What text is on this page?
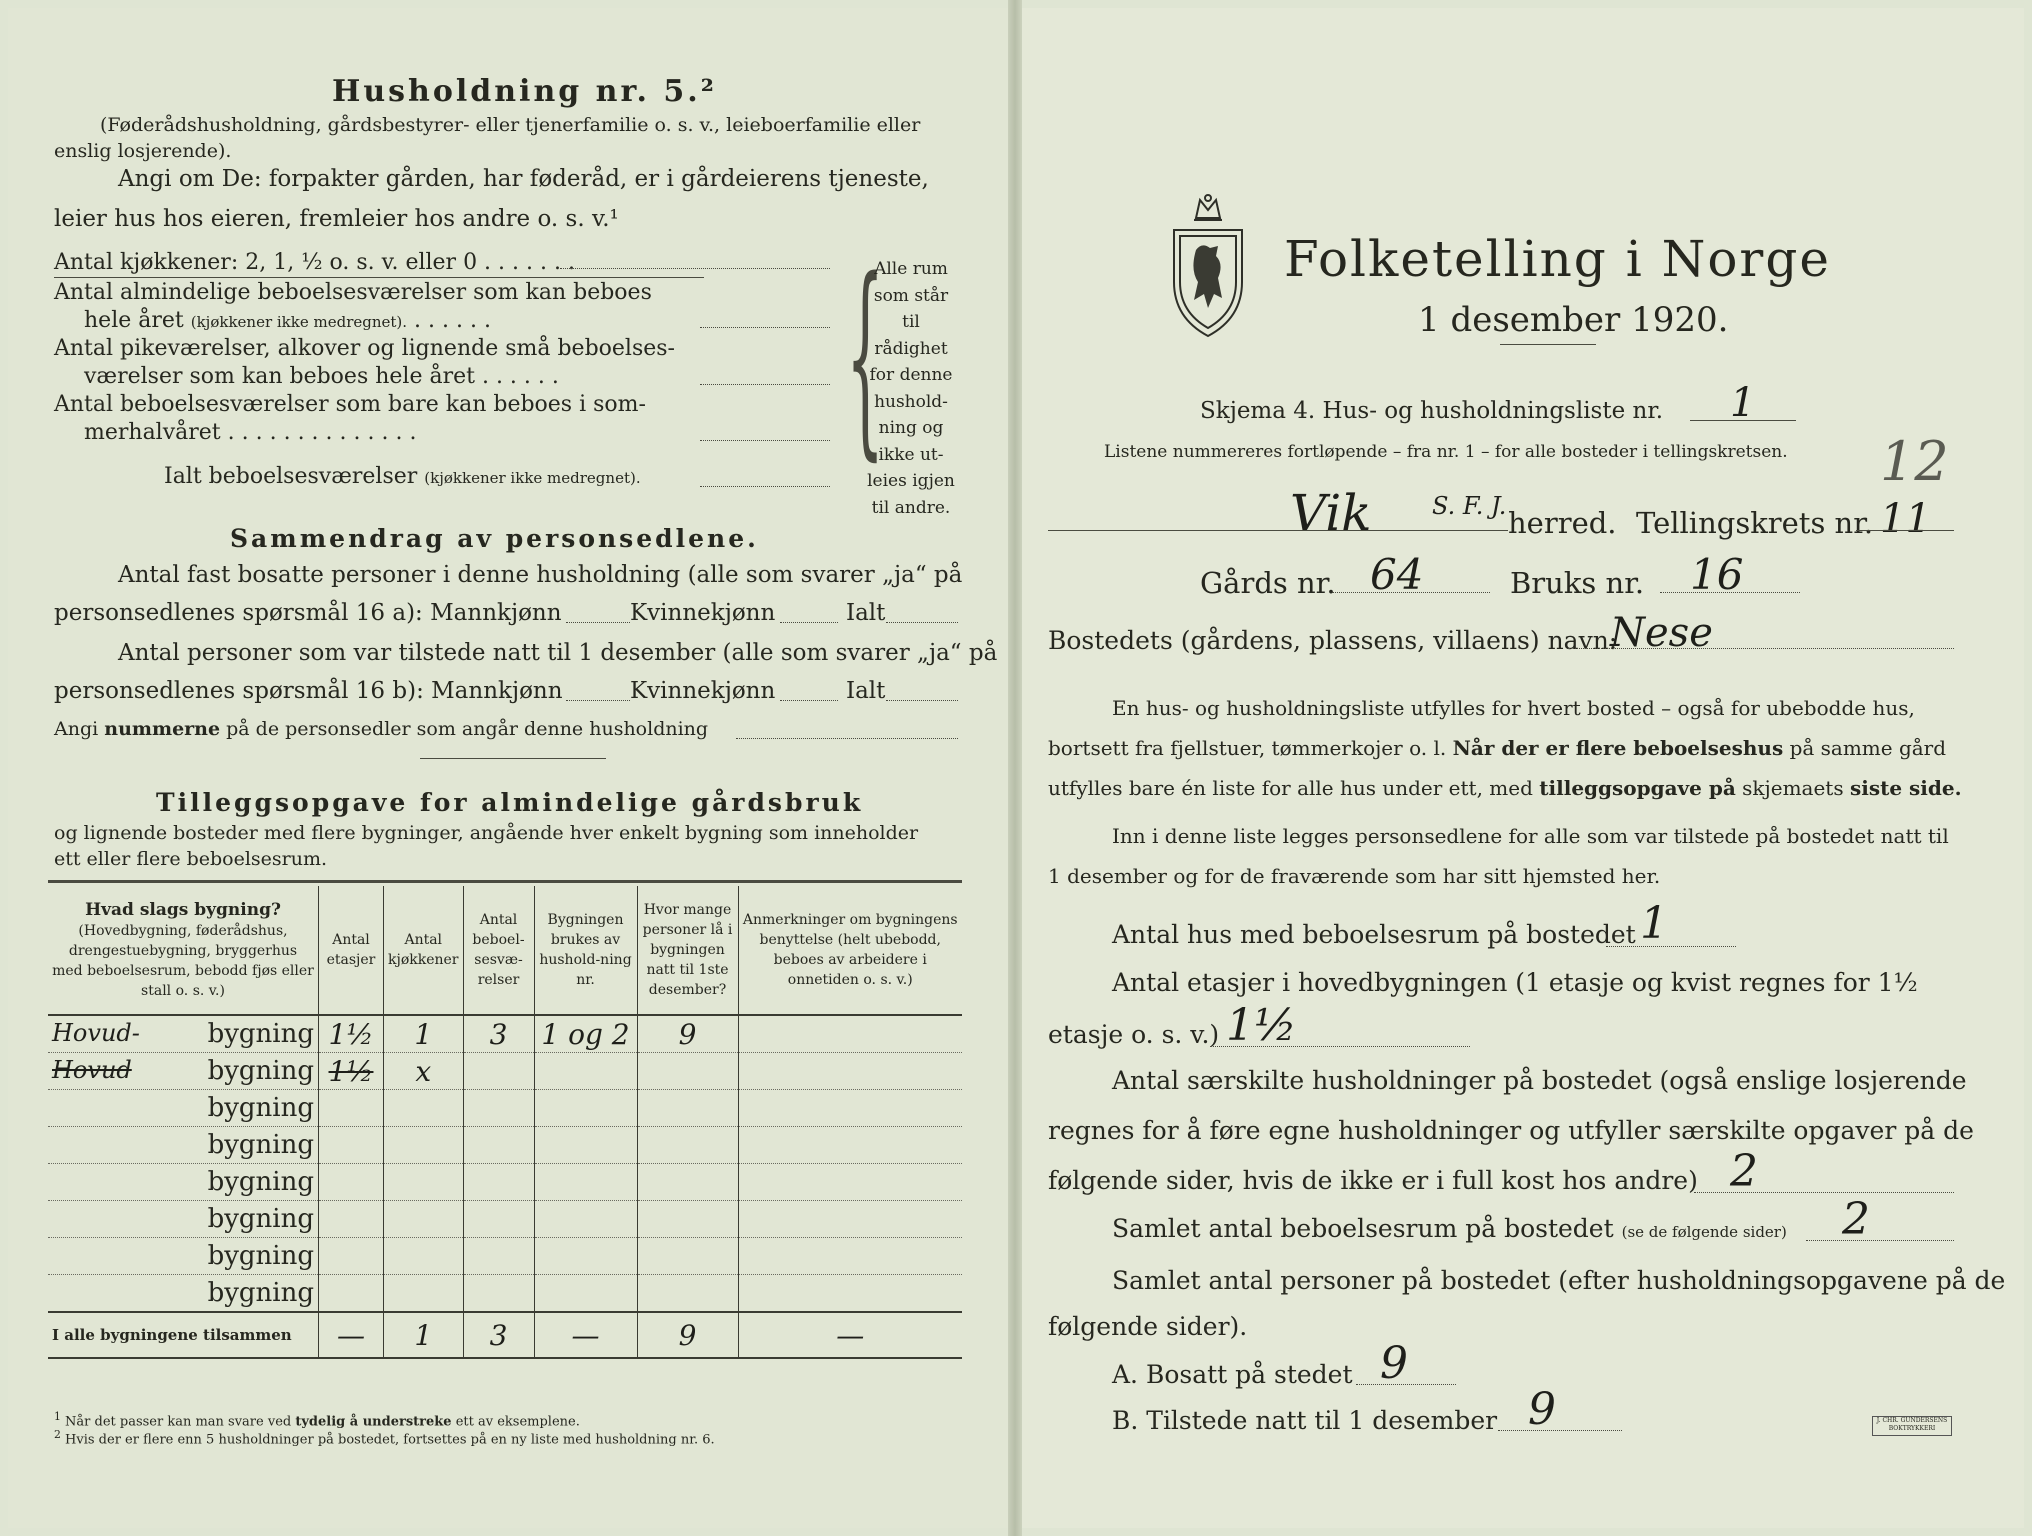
Husholdning nr. 5.²
(Føderådshusholdning, gårdsbestyrer- eller tjenerfamilie o. s. v., leieboerfamilie eller
enslig losjerende).
Angi om De: forpakter gården, har føderåd, er i gårdeierens tjeneste,
leier hus hos eieren, fremleier hos andre o. s. v.¹
Antal kjøkkener: 2, 1, ½ o. s. v. eller 0 . . . . . . .
Antal almindelige beboelsesværelser som kan beboes
hele året (kjøkkener ikke medregnet). . . . . . .
Antal pikeværelser, alkover og lignende små beboelses-
værelser som kan beboes hele året . . . . . .
Antal beboelsesværelser som bare kan beboes i som-
merhalvåret . . . . . . . . . . . . . .
Ialt beboelsesværelser (kjøkkener ikke medregnet).	{
Alle rum
som står til
rådighet
for denne
hushold-
ning og
ikke ut-
leies igjen
til andre.
Sammendrag av personsedlene.
Antal fast bosatte personer i denne husholdning (alle som svarer „ja“ på
personsedlenes spørsmål 16 a): Mannkjønn	Kvinnekjønn	Ialt
Antal personer som var tilstede natt til 1 desember (alle som svarer „ja“ på
personsedlenes spørsmål 16 b): Mannkjønn	Kvinnekjønn	Ialt
Angi nummerne på de personsedler som angår denne husholdning
Tilleggsopgave for almindelige gårdsbruk
og lignende bosteder med flere bygninger, angående hver enkelt bygning som inneholder
ett eller flere beboelsesrum.
Hvad slags bygning?
(Hovedbygning, føderådshus, drengestuebygning, bryggerhus med beboelsesrum, bebodd fjøs eller stall o. s. v.)	Antal etasjer	Antal kjøkkener	Antal beboel-sesvæ-relser	Bygningen brukes av hushold-ning nr.	Hvor mange personer lå i bygningen natt til 1ste desember?	Anmerkninger om bygningens benyttelse (helt ubebodd, beboes av arbeidere i onnetiden o. s. v.)

Hovud- bygning	1½	1	3	1 og 2	9	

Hovud bygning	1½	x				
bygning						
bygning						
bygning						
bygning						
bygning						
bygning						
I alle bygningene tilsammen	—	1	3	—	9	—
$^1$ Når det passer kan man svare ved tydelig å understreke ett av eksemplene.
$^2$ Hvis der er flere enn 5 husholdninger på bostedet, fortsettes på en ny liste med husholdning nr. 6.
Folketelling i Norge
1 desember 1920.
Skjema 4. Hus- og husholdningsliste nr. 1
Listene nummereres fortløpende – fra nr. 1 – for alle bosteder i tellingskretsen. 12
Vik	S. F. J. herred. Tellingskrets nr. 11
Gårds nr. 64	Bruks nr. 16
Bostedets (gårdens, plassens, villaens) navn:
Nese
En hus- og husholdningsliste utfylles for hvert bosted – også for ubebodde hus,
bortsett fra fjellstuer, tømmerkojer o. l. Når der er flere beboelseshus på samme gård
utfylles bare én liste for alle hus under ett, med tilleggsopgave på skjemaets siste side.
Inn i denne liste legges personsedlene for alle som var tilstede på bostedet natt til
1 desember og for de fraværende som har sitt hjemsted her.
Antal hus med beboelsesrum på bostedet 1
Antal etasjer i hovedbygningen (1 etasje og kvist regnes for 1½
etasje o. s. v.) 1½
Antal særskilte husholdninger på bostedet (også enslige losjerende
regnes for å føre egne husholdninger og utfyller særskilte opgaver på de
følgende sider, hvis de ikke er i full kost hos andre) 2
Samlet antal beboelsesrum på bostedet (se de følgende sider) 2
Samlet antal personer på bostedet (efter husholdningsopgavene på de
følgende sider).
A. Bosatt på stedet 9
B. Tilstede natt til 1 desember 9	J. CHR. GUNDERSENS BOKTRYKKERI
